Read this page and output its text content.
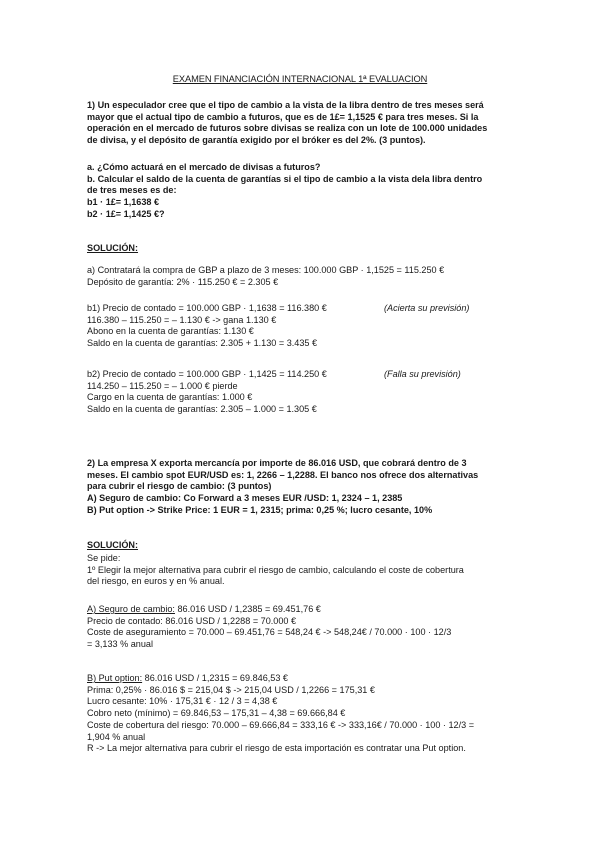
EXAMEN FINANCIACIÓN INTERNACIONAL 1ª EVALUACION
1) Un especulador cree que el tipo de cambio a la vista de la libra dentro de tres meses será
mayor que el actual tipo de cambio a futuros, que es de 1£= 1,1525 € para tres meses. Si la
operación en el mercado de futuros sobre divisas se realiza con un lote de 100.000 unidades
de divisa, y el depósito de garantía exigido por el bróker es del 2%. (3 puntos).
a. ¿Cómo actuará en el mercado de divisas a futuros?
b. Calcular el saldo de la cuenta de garantías si el tipo de cambio a la vista dela libra dentro
de tres meses es de:
b1 · 1£= 1,1638 €
b2 · 1£= 1,1425 €?
SOLUCIÓN:
a) Contratará la compra de GBP a plazo de 3 meses: 100.000 GBP · 1,1525 = 115.250 €
Depósito de garantía: 2% · 115.250 € = 2.305 €
b1) Precio de contado = 100.000 GBP · 1,1638 = 116.380 €	(Acierta su previsión)
116.380 – 115.250 = – 1.130 € -> gana 1.130 €
Abono en la cuenta de garantías: 1.130 €
Saldo en la cuenta de garantías: 2.305 + 1.130 = 3.435 €
b2) Precio de contado = 100.000 GBP · 1,1425 = 114.250 €	(Falla su previsión)
114.250 – 115.250 = – 1.000 € pierde
Cargo en la cuenta de garantías: 1.000 €
Saldo en la cuenta de garantías: 2.305 – 1.000 = 1.305 €
2) La empresa X exporta mercancía por importe de 86.016 USD, que cobrará dentro de 3
meses. El cambio spot EUR/USD es: 1, 2266 – 1,2288. El banco nos ofrece dos alternativas
para cubrir el riesgo de cambio: (3 puntos)
A) Seguro de cambio: Co Forward a 3 meses EUR /USD: 1, 2324 – 1, 2385
B) Put option -> Strike Price: 1 EUR = 1, 2315; prima: 0,25 %; lucro cesante, 10%
SOLUCIÓN:
Se pide:
1º Elegir la mejor alternativa para cubrir el riesgo de cambio, calculando el coste de cobertura
del riesgo, en euros y en % anual.
A) Seguro de cambio: 86.016 USD / 1,2385 = 69.451,76 €
Precio de contado: 86.016 USD / 1,2288 = 70.000 €
Coste de aseguramiento = 70.000 – 69.451,76 = 548,24 € -> 548,24€ / 70.000 · 100 · 12/3
= 3,133 % anual
B) Put option: 86.016 USD / 1,2315 = 69.846,53 €
Prima: 0,25% · 86.016 $ = 215,04 $ -> 215,04 USD / 1,2266 = 175,31 €
Lucro cesante: 10% · 175,31 € · 12 / 3 = 4,38 €
Cobro neto (mínimo) = 69.846,53 – 175,31 – 4,38 = 69.666,84 €
Coste de cobertura del riesgo: 70.000 – 69.666,84 = 333,16 € -> 333,16€ / 70.000 · 100 · 12/3 =
1,904 % anual
R -> La mejor alternativa para cubrir el riesgo de esta importación es contratar una Put option.
